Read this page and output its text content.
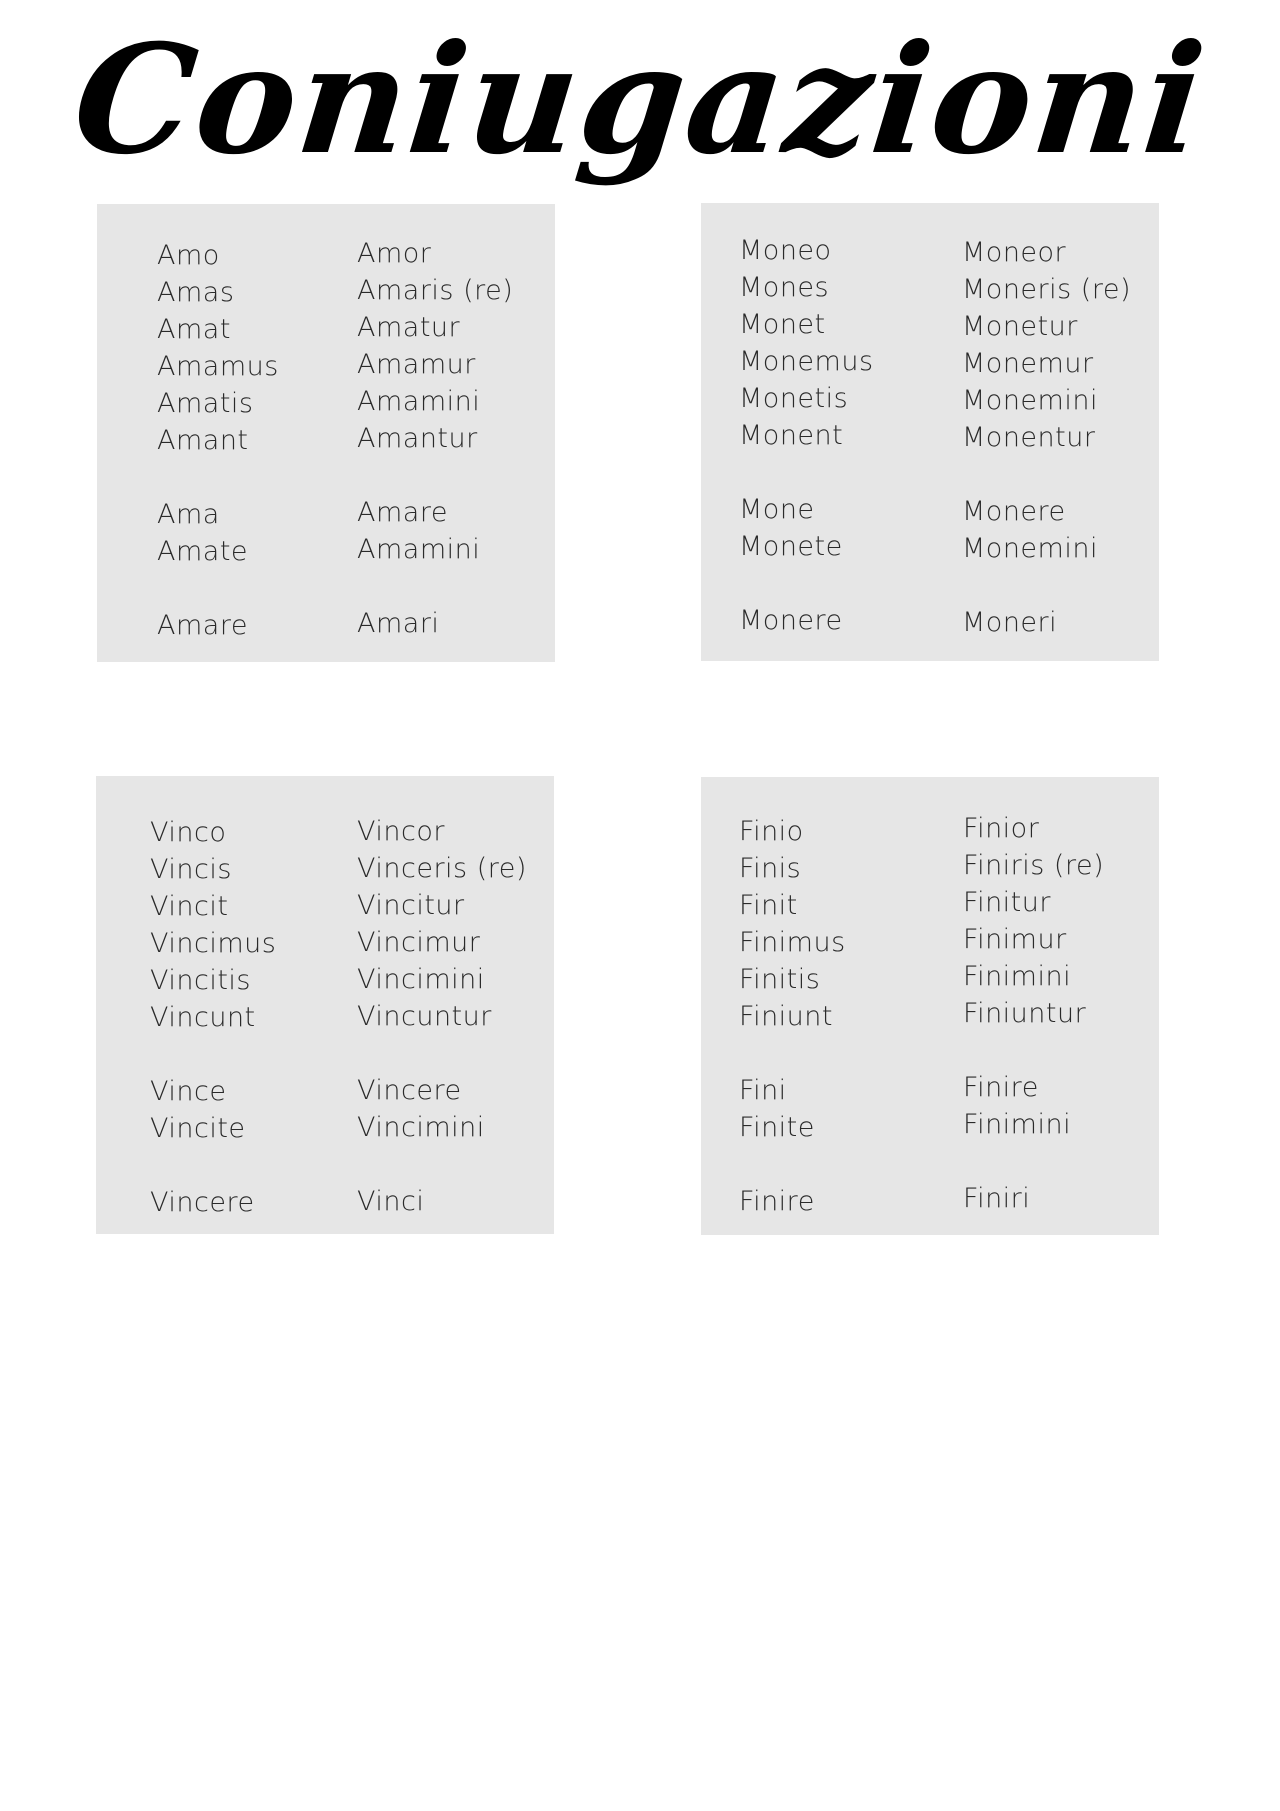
Coniugazioni
Amo
Amas
Amat
Amamus
Amatis
Amant
Ama
Amate
Amare
Amor
Amaris (re)
Amatur
Amamur
Amamini
Amantur
Amare
Amamini
Amari
Moneo
Mones
Monet
Monemus
Monetis
Monent
Mone
Monete
Monere
Moneor
Moneris (re)
Monetur
Monemur
Monemini
Monentur
Monere
Monemini
Moneri
Vinco
Vincis
Vincit
Vincimus
Vincitis
Vincunt
Vince
Vincite
Vincere
Vincor
Vinceris (re)
Vincitur
Vincimur
Vincimini
Vincuntur
Vincere
Vincimini
Vinci
Finio
Finis
Finit
Finimus
Finitis
Finiunt
Fini
Finite
Finire
Finior
Finiris (re)
Finitur
Finimur
Finimini
Finiuntur
Finire
Finimini
Finiri
